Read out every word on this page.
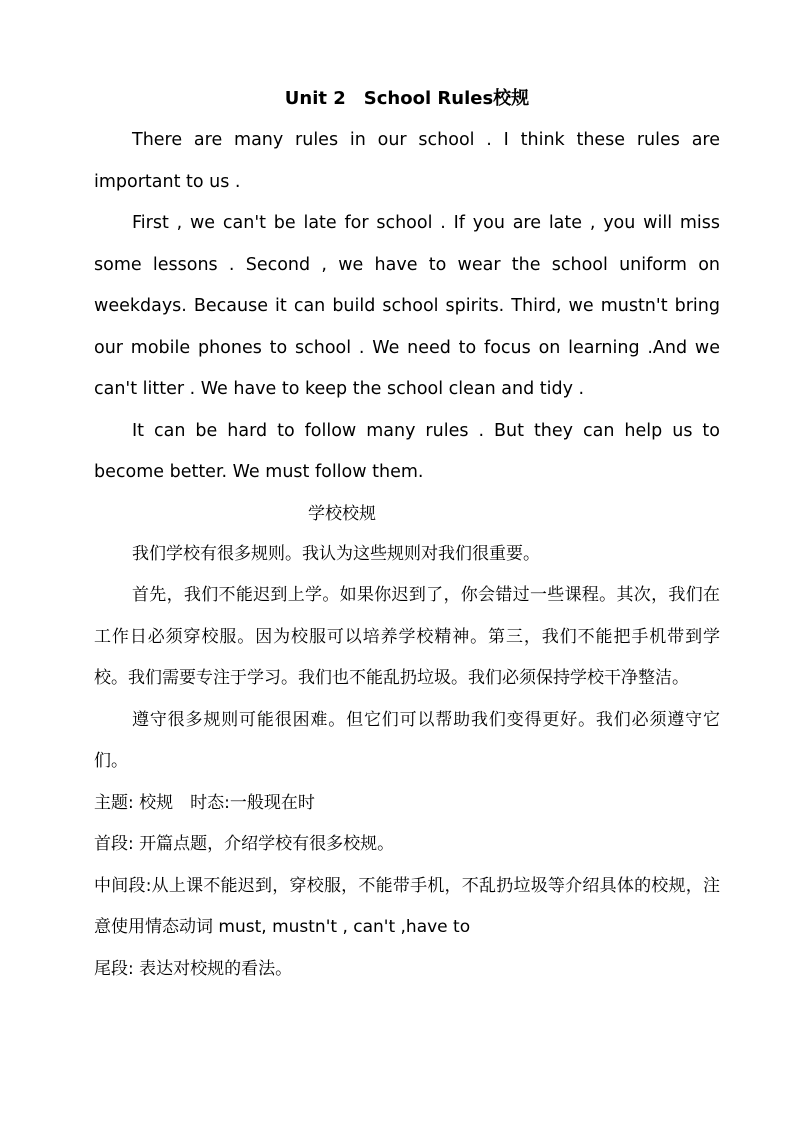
Unit 2　School Rules校规

There are many rules in our school . I think these rules are important to us .

First , we can't be late for school . If you are late , you will miss some lessons . Second , we have to wear the school uniform on weekdays. Because it can build school spirits. Third, we mustn't bring our mobile phones to school . We need to focus on learning .And we can't litter . We have to keep the school clean and tidy .

It can be hard to follow many rules . But they can help us to become better. We must follow them.

学校校规

我们学校有很多规则。我认为这些规则对我们很重要。

首先，我们不能迟到上学。如果你迟到了，你会错过一些课程。其次，我们在工作日必须穿校服。因为校服可以培养学校精神。第三，我们不能把手机带到学校。我们需要专注于学习。我们也不能乱扔垃圾。我们必须保持学校干净整洁。

遵守很多规则可能很困难。但它们可以帮助我们变得更好。我们必须遵守它们。

主题: 校规　时态:一般现在时

首段: 开篇点题，介绍学校有很多校规。

中间段:从上课不能迟到，穿校服，不能带手机，不乱扔垃圾等介绍具体的校规，注意使用情态动词 must, mustn't , can't ,have to

尾段: 表达对校规的看法。
